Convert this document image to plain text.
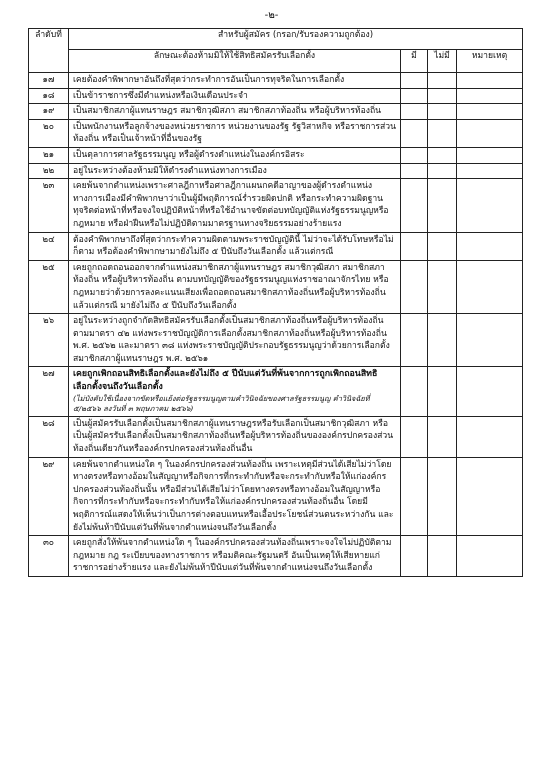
-๒-
ลำดับที่	สำหรับผู้สมัคร (กรอก/รับรองความถูกต้อง)			
	ลักษณะต้องห้ามมิให้ใช้สิทธิสมัครรับเลือกตั้ง	มี	ไม่มี	หมายเหตุ
๑๗	เคยต้องคำพิพากษาอันถึงที่สุดว่ากระทำการอันเป็นการทุจริตในการเลือกตั้ง			
๑๘	เป็นข้าราชการซึ่งมีตำแหน่งหรือเงินเดือนประจำ			
๑๙	เป็นสมาชิกสภาผู้แทนราษฎร สมาชิกวุฒิสภา สมาชิกสภาท้องถิ่น หรือผู้บริหารท้องถิ่น			
๒๐	เป็นพนักงานหรือลูกจ้างของหน่วยราชการ หน่วยงานของรัฐ รัฐวิสาหกิจ หรือราชการส่วนท้องถิ่น หรือเป็นเจ้าหน้าที่อื่นของรัฐ			
๒๑	เป็นตุลาการศาลรัฐธรรมนูญ หรือผู้ดำรงตำแหน่งในองค์กรอิสระ			
๒๒	อยู่ในระหว่างต้องห้ามมิให้ดำรงตำแหน่งทางการเมือง			
๒๓	เคยพ้นจากตำแหน่งเพราะศาลฎีกาหรือศาลฎีกาแผนกคดีอาญาของผู้ดำรงตำแหน่งทางการเมืองมีคำพิพากษาว่าเป็นผู้มีพฤติการณ์ร่ำรวยผิดปกติ หรือกระทำความผิดฐานทุจริตต่อหน้าที่หรือจงใจปฏิบัติหน้าที่หรือใช้อำนาจขัดต่อบทบัญญัติแห่งรัฐธรรมนูญหรือกฎหมาย หรือฝ่าฝืนหรือไม่ปฏิบัติตามมาตรฐานทางจริยธรรมอย่างร้ายแรง			
๒๔	ต้องคำพิพากษาถึงที่สุดว่ากระทำความผิดตามพระราชบัญญัตินี้ ไม่ว่าจะได้รับโทษหรือไม่ก็ตาม หรือต้องคำพิพากษามายังไม่ถึง ๕ ปีนับถึงวันเลือกตั้ง แล้วแต่กรณี			
๒๕	เคยถูกถอดถอนออกจากตำแหน่งสมาชิกสภาผู้แทนราษฎร สมาชิกวุฒิสภา สมาชิกสภาท้องถิ่น หรือผู้บริหารท้องถิ่น ตามบทบัญญัติของรัฐธรรมนูญแห่งราชอาณาจักรไทย หรือกฎหมายว่าด้วยการลงคะแนนเสียงเพื่อถอดถอนสมาชิกสภาท้องถิ่นหรือผู้บริหารท้องถิ่น แล้วแต่กรณี มายังไม่ถึง ๕ ปีนับถึงวันเลือกตั้ง			
๒๖	อยู่ในระหว่างถูกจำกัดสิทธิสมัครรับเลือกตั้งเป็นสมาชิกสภาท้องถิ่นหรือผู้บริหารท้องถิ่นตามมาตรา ๔๒ แห่งพระราชบัญญัติการเลือกตั้งสมาชิกสภาท้องถิ่นหรือผู้บริหารท้องถิ่น พ.ศ. ๒๕๖๒ และมาตรา ๓๘ แห่งพระราชบัญญัติประกอบรัฐธรรมนูญว่าด้วยการเลือกตั้งสมาชิกสภาผู้แทนราษฎร พ.ศ. ๒๕๖๑			
๒๗	เคยถูกเพิกถอนสิทธิเลือกตั้งและยังไม่ถึง ๕ ปีนับแต่วันที่พ้นจากการถูกเพิกถอนสิทธิเลือกตั้งจนถึงวันเลือกตั้ง
(ไม่บังคับใช้เนื่องจากขัดหรือแย้งต่อรัฐธรรมนูญตามคำวินิจฉัยของศาลรัฐธรรมนูญ คำวินิจฉัยที่ ๕/๒๕๖๖ ลงวันที่ ๓ พฤษภาคม ๒๕๖๖)			

๒๘	เป็นผู้สมัครรับเลือกตั้งเป็นสมาชิกสภาผู้แทนราษฎรหรือรับเลือกเป็นสมาชิกวุฒิสภา หรือเป็นผู้สมัครรับเลือกตั้งเป็นสมาชิกสภาท้องถิ่นหรือผู้บริหารท้องถิ่นขององค์กรปกครองส่วนท้องถิ่นเดียวกันหรือองค์กรปกครองส่วนท้องถิ่นอื่น			
๒๙	เคยพ้นจากตำแหน่งใด ๆ ในองค์กรปกครองส่วนท้องถิ่น เพราะเหตุมีส่วนได้เสียไม่ว่าโดยทางตรงหรือทางอ้อมในสัญญาหรือกิจการที่กระทำกับหรือจะกระทำกับหรือให้แก่องค์กรปกครองส่วนท้องถิ่นนั้น หรือมีส่วนได้เสียไม่ว่าโดยทางตรงหรือทางอ้อมในสัญญาหรือกิจการที่กระทำกับหรือจะกระทำกับหรือให้แก่องค์กรปกครองส่วนท้องถิ่นอื่น โดยมีพฤติการณ์แสดงให้เห็นว่าเป็นการต่างตอบแทนหรือเอื้อประโยชน์ส่วนตนระหว่างกัน และยังไม่พ้นห้าปีนับแต่วันที่พ้นจากตำแหน่งจนถึงวันเลือกตั้ง			
๓๐	เคยถูกสั่งให้พ้นจากตำแหน่งใด ๆ ในองค์กรปกครองส่วนท้องถิ่นเพราะจงใจไม่ปฏิบัติตามกฎหมาย กฎ ระเบียบของทางราชการ หรือมติคณะรัฐมนตรี อันเป็นเหตุให้เสียหายแก่ราชการอย่างร้ายแรง และยังไม่พ้นห้าปีนับแต่วันที่พ้นจากตำแหน่งจนถึงวันเลือกตั้ง			
